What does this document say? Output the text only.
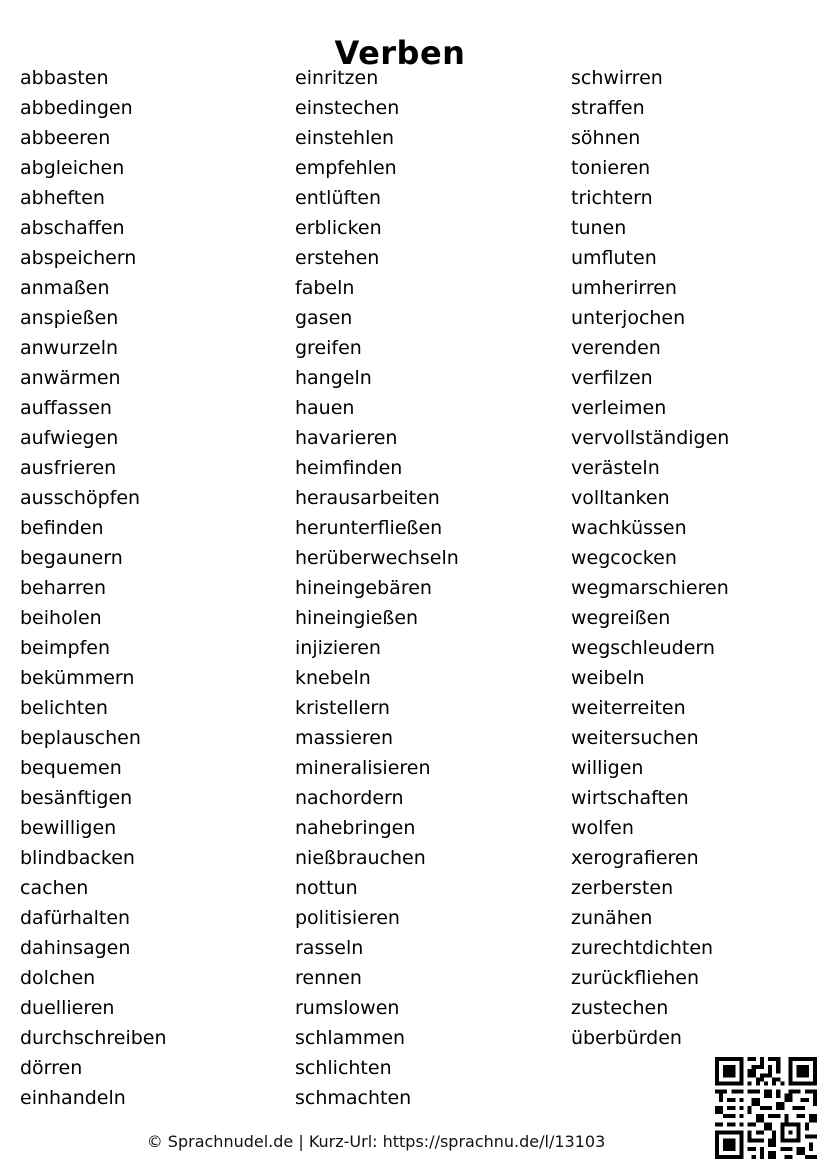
Verben
abbasten
abbedingen
abbeeren
abgleichen
abheften
abschaffen
abspeichern
anmaßen
anspießen
anwurzeln
anwärmen
auffassen
aufwiegen
ausfrieren
ausschöpfen
befinden
begaunern
beharren
beiholen
beimpfen
bekümmern
belichten
beplauschen
bequemen
besänftigen
bewilligen
blindbacken
cachen
dafürhalten
dahinsagen
dolchen
duellieren
durchschreiben
dörren
einhandeln
einritzen
einstechen
einstehlen
empfehlen
entlüften
erblicken
erstehen
fabeln
gasen
greifen
hangeln
hauen
havarieren
heimfinden
herausarbeiten
herunterfließen
herüberwechseln
hineingebären
hineingießen
injizieren
knebeln
kristellern
massieren
mineralisieren
nachordern
nahebringen
nießbrauchen
nottun
politisieren
rasseln
rennen
rumslowen
schlammen
schlichten
schmachten
schwirren
straffen
söhnen
tonieren
trichtern
tunen
umfluten
umherirren
unterjochen
verenden
verfilzen
verleimen
vervollständigen
verästeln
volltanken
wachküssen
wegcocken
wegmarschieren
wegreißen
wegschleudern
weibeln
weiterreiten
weitersuchen
willigen
wirtschaften
wolfen
xerografieren
zerbersten
zunähen
zurechtdichten
zurückfliehen
zustechen
überbürden
© Sprachnudel.de | Kurz-Url: https://sprachnu.de/l/13103
